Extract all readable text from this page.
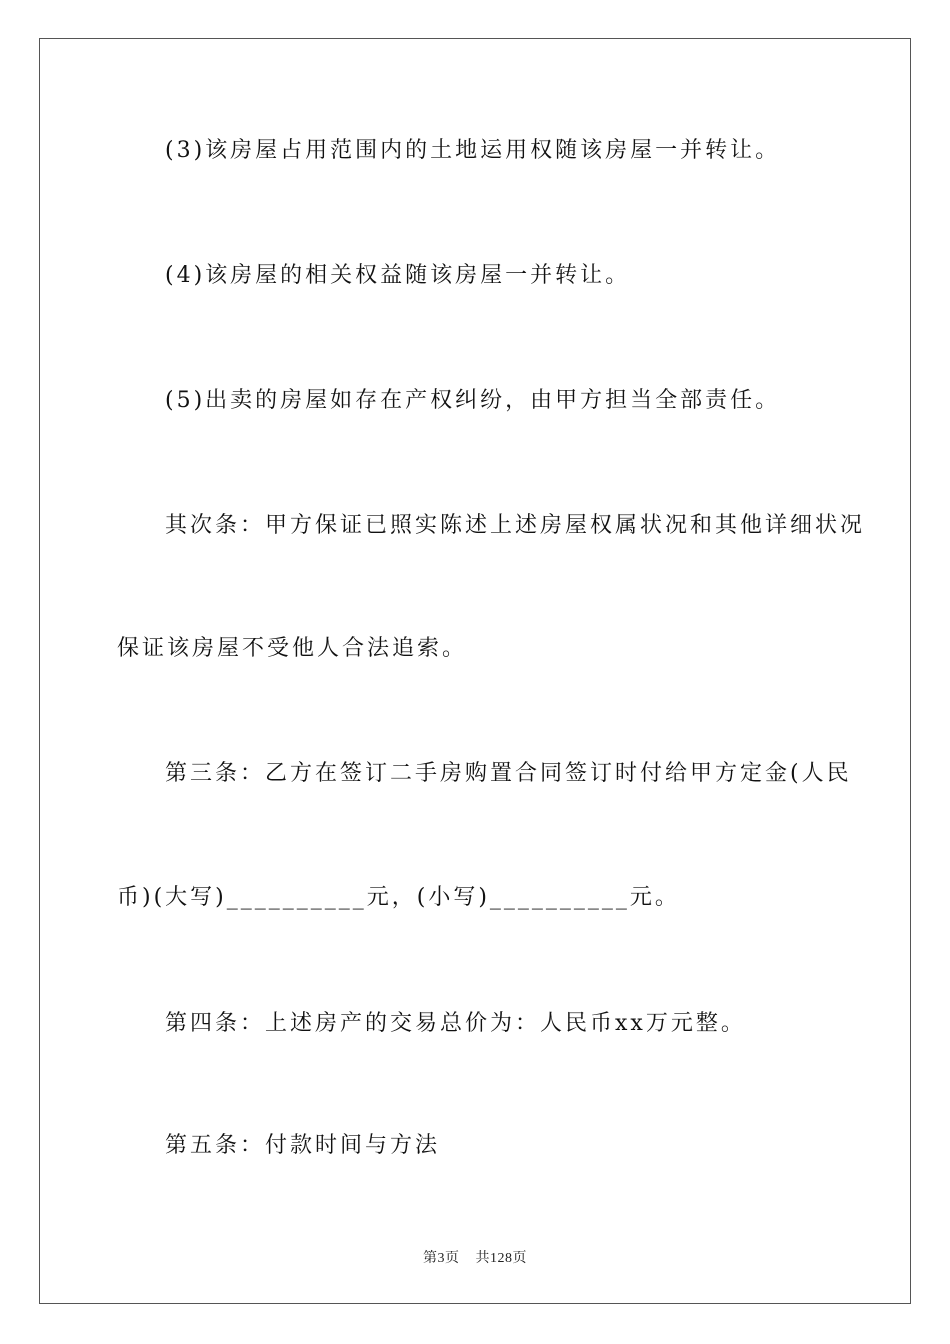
(3)该房屋占用范围内的土地运用权随该房屋一并转让。
(4)该房屋的相关权益随该房屋一并转让。
(5)出卖的房屋如存在产权纠纷，由甲方担当全部责任。
其次条：甲方保证已照实陈述上述房屋权属状况和其他详细状况
保证该房屋不受他人合法追索。
第三条：乙方在签订二手房购置合同签订时付给甲方定金(人民
币)(大写)__________元，(小写)__________元。
第四条：上述房产的交易总价为：人民币xx万元整。
第五条：付款时间与方法
第3页 共128页
